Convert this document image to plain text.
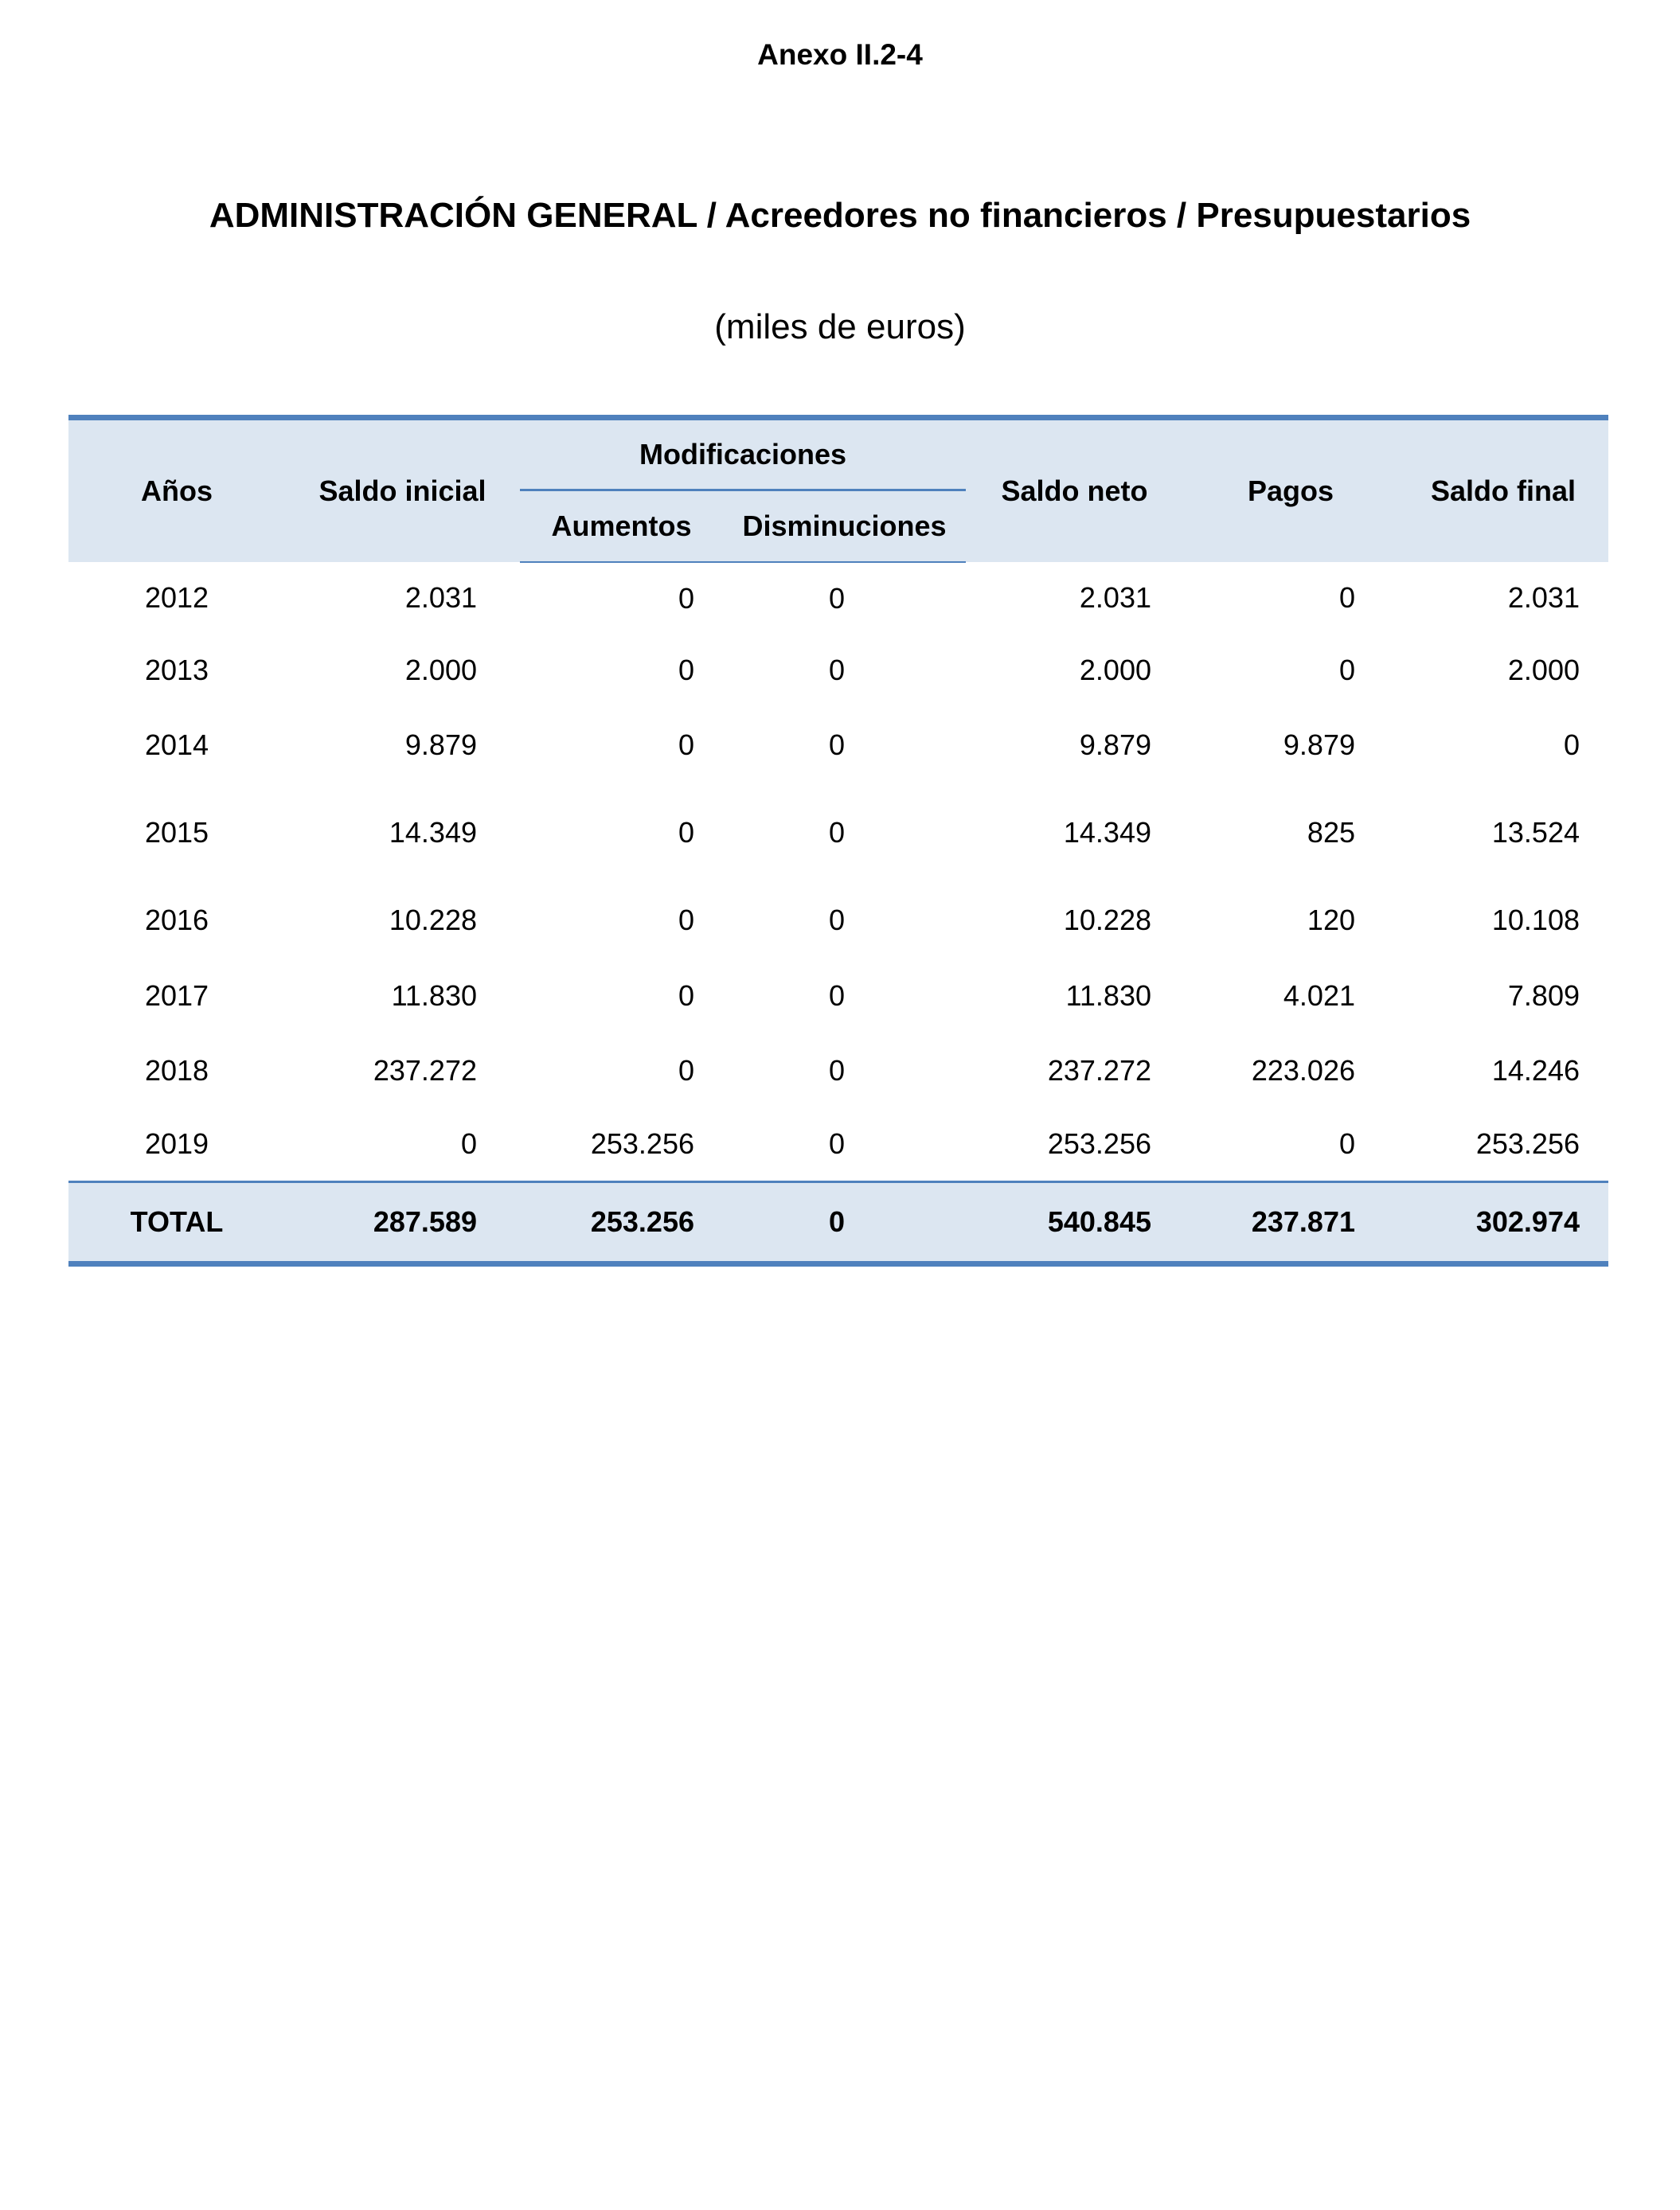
Anexo II.2-4
ADMINISTRACIÓN GENERAL / Acreedores no financieros / Presupuestarios
(miles de euros)
Años	Saldo inicial	Modificaciones		Saldo neto	Pagos	Saldo final
		Aumentos	Disminuciones			
2012	2.031	0	0	2.031	0	2.031
2013	2.000	0	0	2.000	0	2.000
2014	9.879	0	0	9.879	9.879	0
2015	14.349	0	0	14.349	825	13.524
2016	10.228	0	0	10.228	120	10.108
2017	11.830	0	0	11.830	4.021	7.809
2018	237.272	0	0	237.272	223.026	14.246
2019	0	253.256	0	253.256	0	253.256
TOTAL	287.589	253.256	0	540.845	237.871	302.974
